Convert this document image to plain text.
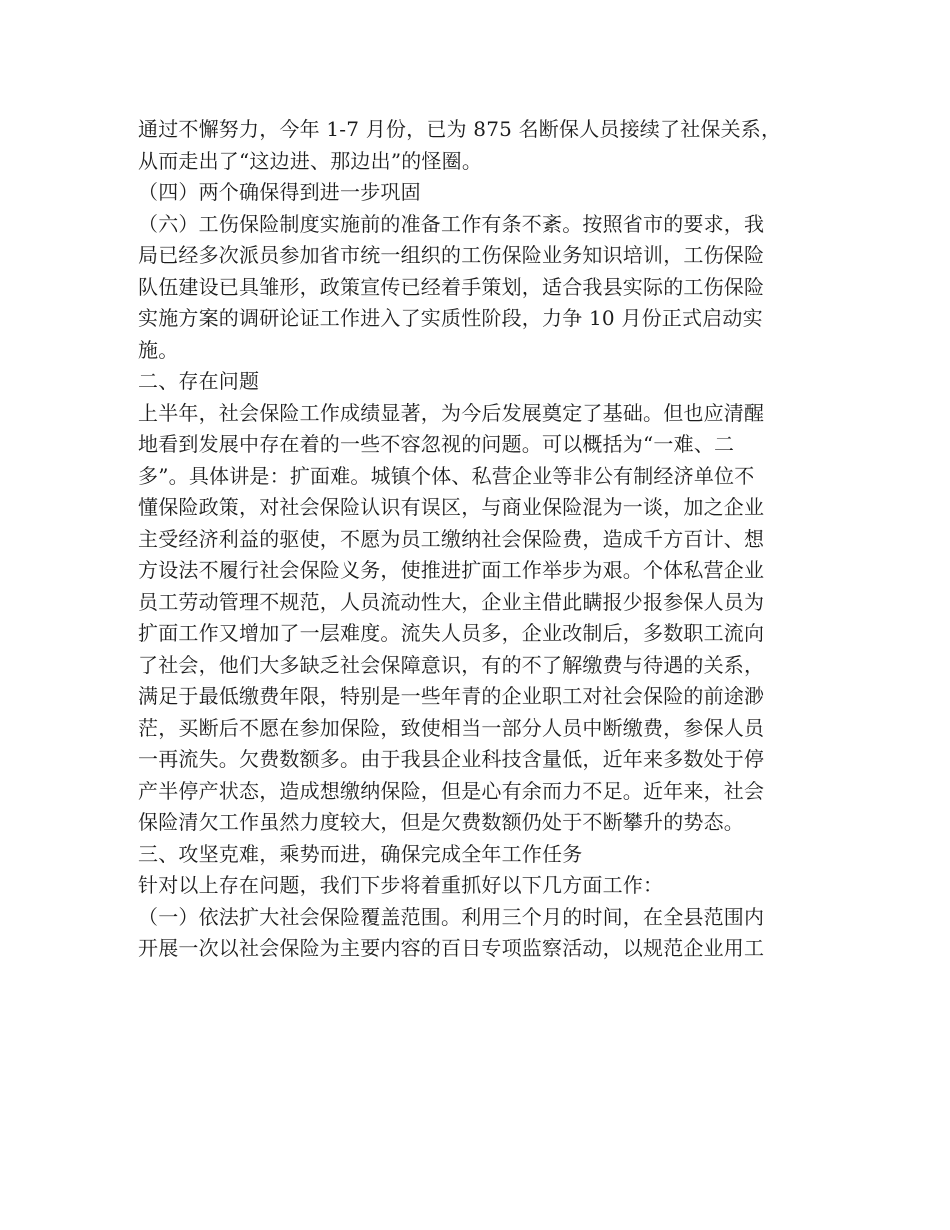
通过不懈努力，今年 1-7 月份，已为 875 名断保人员接续了社保关系，
从而走出了“这边进、那边出”的怪圈。
（四）两个确保得到进一步巩固
（六）工伤保险制度实施前的准备工作有条不紊。按照省市的要求，我
局已经多次派员参加省市统一组织的工伤保险业务知识培训，工伤保险
队伍建设已具雏形，政策宣传已经着手策划，适合我县实际的工伤保险
实施方案的调研论证工作进入了实质性阶段，力争 10 月份正式启动实
施。
二、存在问题
上半年，社会保险工作成绩显著，为今后发展奠定了基础。但也应清醒
地看到发展中存在着的一些不容忽视的问题。可以概括为“一难、二
多”。具体讲是：扩面难。城镇个体、私营企业等非公有制经济单位不
懂保险政策，对社会保险认识有误区，与商业保险混为一谈，加之企业
主受经济利益的驱使，不愿为员工缴纳社会保险费，造成千方百计、想
方设法不履行社会保险义务，使推进扩面工作举步为艰。个体私营企业
员工劳动管理不规范，人员流动性大，企业主借此瞒报少报参保人员为
扩面工作又增加了一层难度。流失人员多，企业改制后，多数职工流向
了社会，他们大多缺乏社会保障意识，有的不了解缴费与待遇的关系，
满足于最低缴费年限，特别是一些年青的企业职工对社会保险的前途渺
茫，买断后不愿在参加保险，致使相当一部分人员中断缴费，参保人员
一再流失。欠费数额多。由于我县企业科技含量低，近年来多数处于停
产半停产状态，造成想缴纳保险，但是心有余而力不足。近年来，社会
保险清欠工作虽然力度较大，但是欠费数额仍处于不断攀升的势态。
三、攻坚克难，乘势而进，确保完成全年工作任务
针对以上存在问题，我们下步将着重抓好以下几方面工作：
（一）依法扩大社会保险覆盖范围。利用三个月的时间，在全县范围内
开展一次以社会保险为主要内容的百日专项监察活动，以规范企业用工
